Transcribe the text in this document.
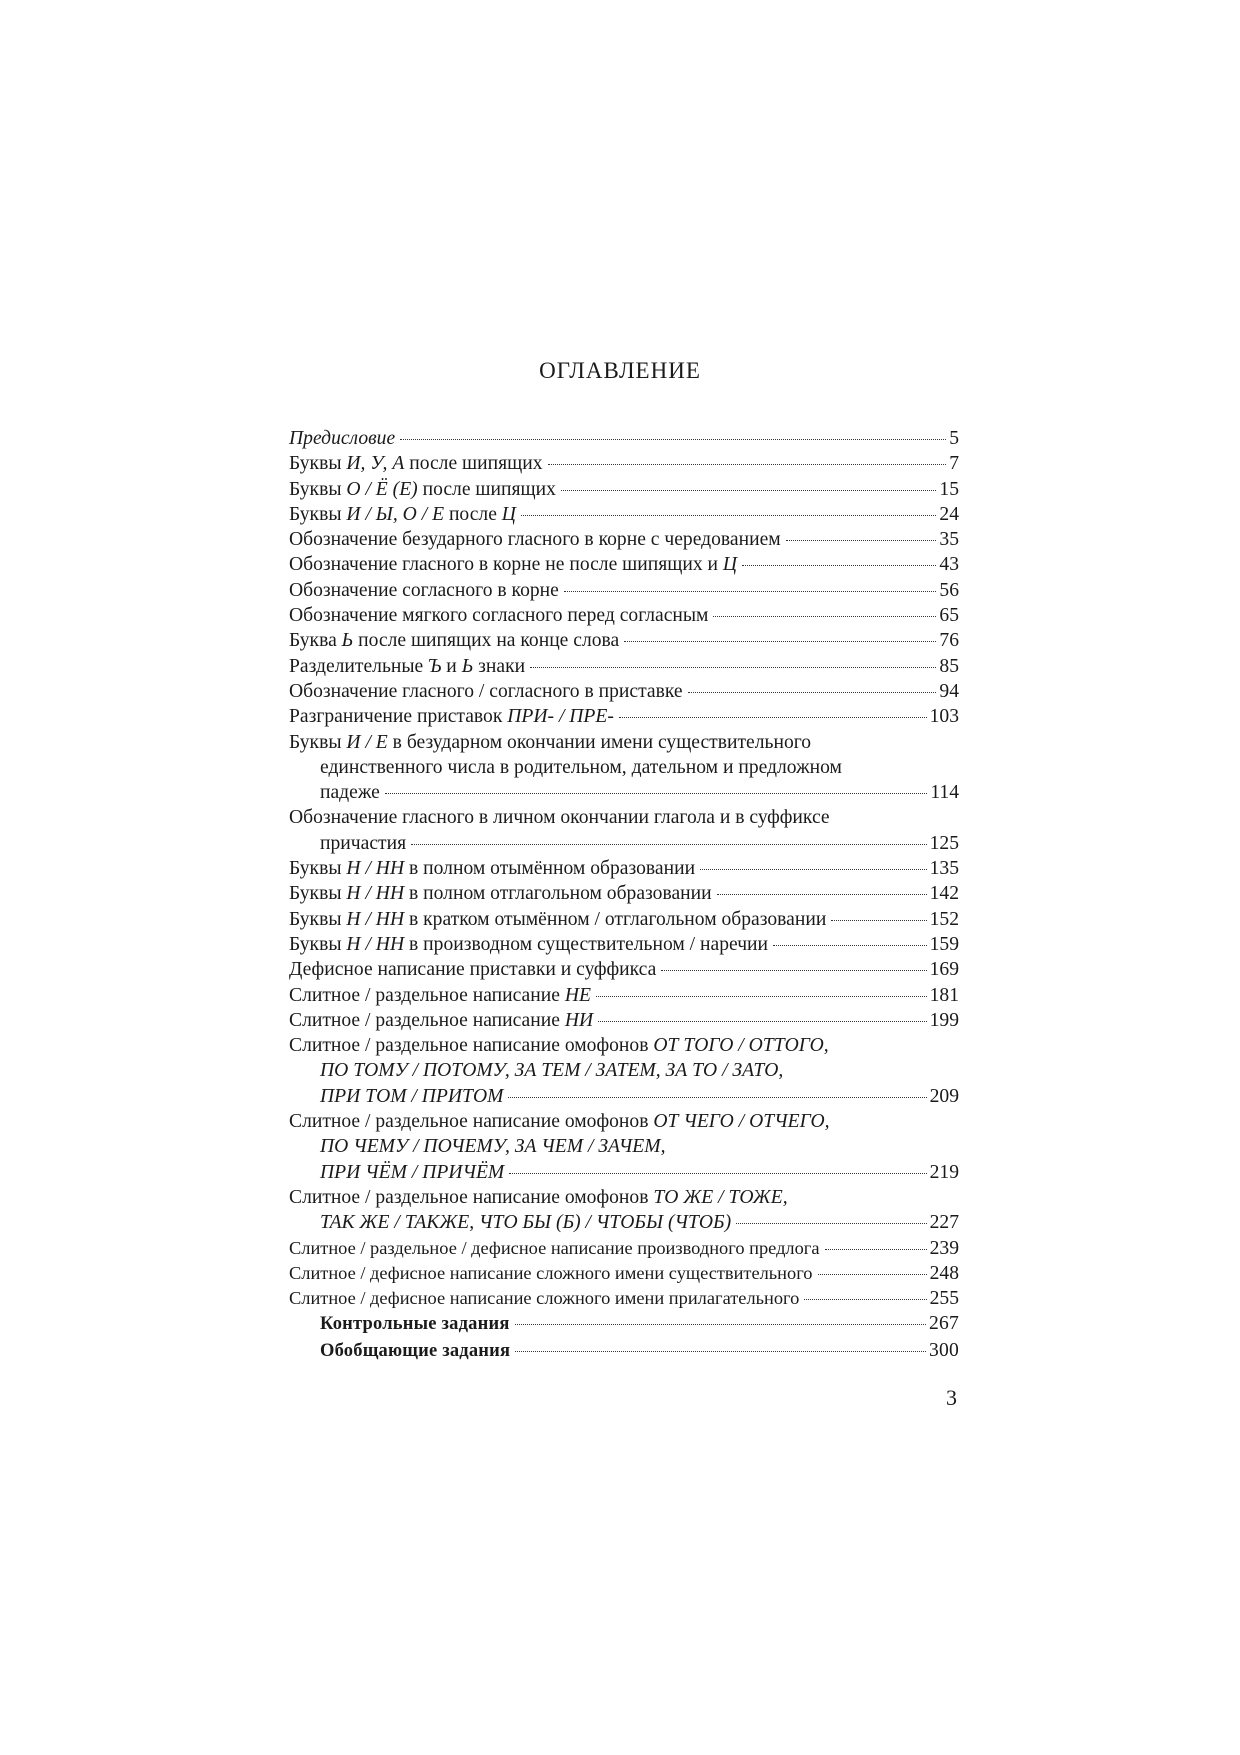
ОГЛАВЛЕНИЕ
Предисловие	5
Буквы И, У, А после шипящих	7
Буквы О / Ё (Е) после шипящих	15
Буквы И / Ы, О / Е после Ц	24
Обозначение безударного гласного в корне с чередованием	35
Обозначение гласного в корне не после шипящих и Ц	43
Обозначение согласного в корне	56
Обозначение мягкого согласного перед согласным	65
Буква Ь после шипящих на конце слова	76
Разделительные Ъ и Ь знаки	85
Обозначение гласного / согласного в приставке	94
Разграничение приставок ПРИ- / ПРЕ-	103
Буквы И / Е в безударном окончании имени существительного
единственного числа в родительном, дательном и предложном
падеже	114
Обозначение гласного в личном окончании глагола и в суффиксе
причастия	125
Буквы Н / НН в полном отымённом образовании	135
Буквы Н / НН в полном отглагольном образовании	142
Буквы Н / НН в кратком отымённом / отглагольном образовании	152
Буквы Н / НН в производном существительном / наречии	159
Дефисное написание приставки и суффикса	169
Слитное / раздельное написание НЕ	181
Слитное / раздельное написание НИ	199
Слитное / раздельное написание омофонов ОТ ТОГО / ОТТОГО,
ПО ТОМУ / ПОТОМУ, ЗА ТЕМ / ЗАТЕМ, ЗА ТО / ЗАТО,
ПРИ ТОМ / ПРИТОМ	209
Слитное / раздельное написание омофонов ОТ ЧЕГО / ОТЧЕГО,
ПО ЧЕМУ / ПОЧЕМУ, ЗА ЧЕМ / ЗАЧЕМ,
ПРИ ЧЁМ / ПРИЧЁМ	219
Слитное / раздельное написание омофонов ТО ЖЕ / ТОЖЕ,
ТАК ЖЕ / ТАКЖЕ, ЧТО БЫ (Б) / ЧТОБЫ (ЧТОБ)	227
Слитное / раздельное / дефисное написание производного предлога	239
Слитное / дефисное написание сложного имени существительного	248
Слитное / дефисное написание сложного имени прилагательного	255
Контрольные задания	267
Обобщающие задания	300
3
